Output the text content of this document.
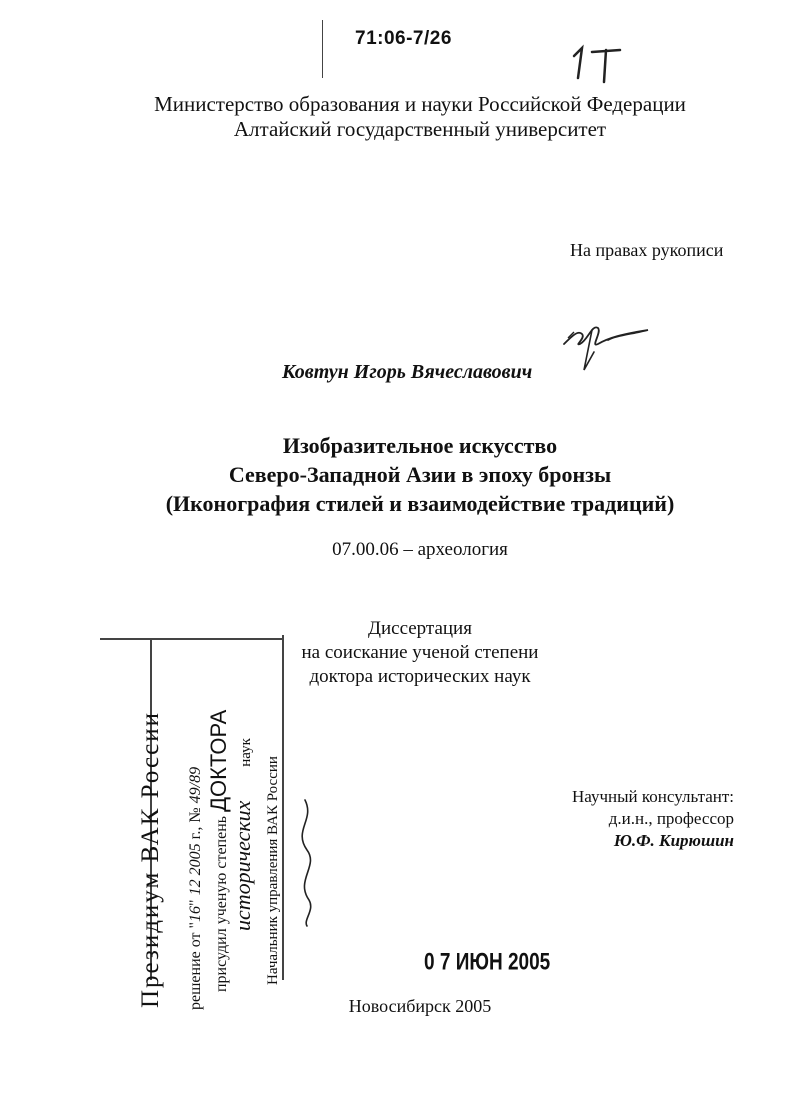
71:06-7/26
Министерство образования и науки Российской Федерации
Алтайский государственный университет
На правах рукописи
Ковтун Игорь Вячеславович
Изобразительное искусство
Северо-Западной Азии в эпоху бронзы
(Иконография стилей и взаимодействие традиций)
07.00.06 – археология
Диссертация
на соискание ученой степени
доктора исторических наук
Научный консультант:
д.и.н., профессор
Ю.Ф. Кирюшин
Президиум ВАК России решение от "16" 12 2005 г., № 49/89
присудил ученую степень ДОКТОРА
исторических наук
Начальник управления ВАК России	0 7 ИЮН 2005
Новосибирск 2005
